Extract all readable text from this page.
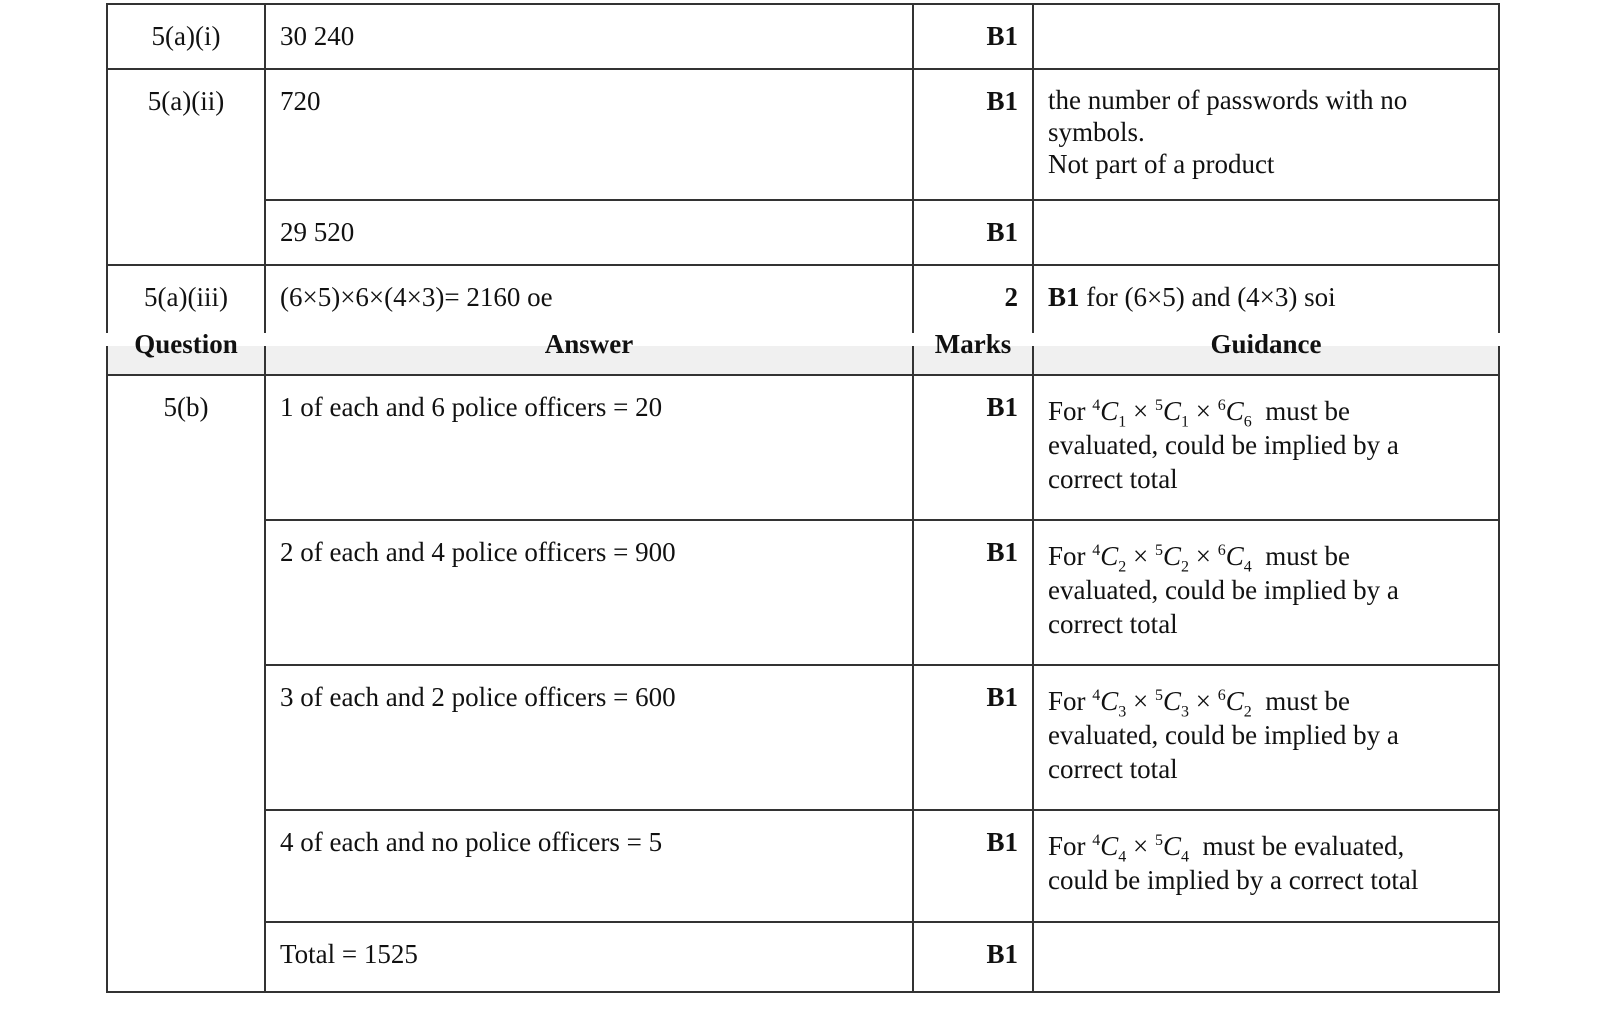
5(a)(i)	30 240	B1	
5(a)(ii)	720	B1	the number of passwords with no
symbols.
Not part of a product

	29 520	B1	
5(a)(iii)	(6×5)×6×(4×3)= 2160 oe	2	B1 for (6×5) and (4×3) soi
Question	Answer	Marks	Guidance
5(b)	1 of each and 6 police officers = 20	B1	For $^4C_1 \times ^5C_1 \times ^6C_6$ must be
evaluated, could be implied by a
correct total

	2 of each and 4 police officers = 900	B1	For $^4C_2 \times ^5C_2 \times ^6C_4$ must be
evaluated, could be implied by a
correct total

	3 of each and 2 police officers = 600	B1	For $^4C_3 \times ^5C_3 \times ^6C_2$ must be
evaluated, could be implied by a
correct total

	4 of each and no police officers = 5	B1	For $^4C_4 \times ^5C_4$ must be evaluated,
could be implied by a correct total

	Total = 1525	B1	
